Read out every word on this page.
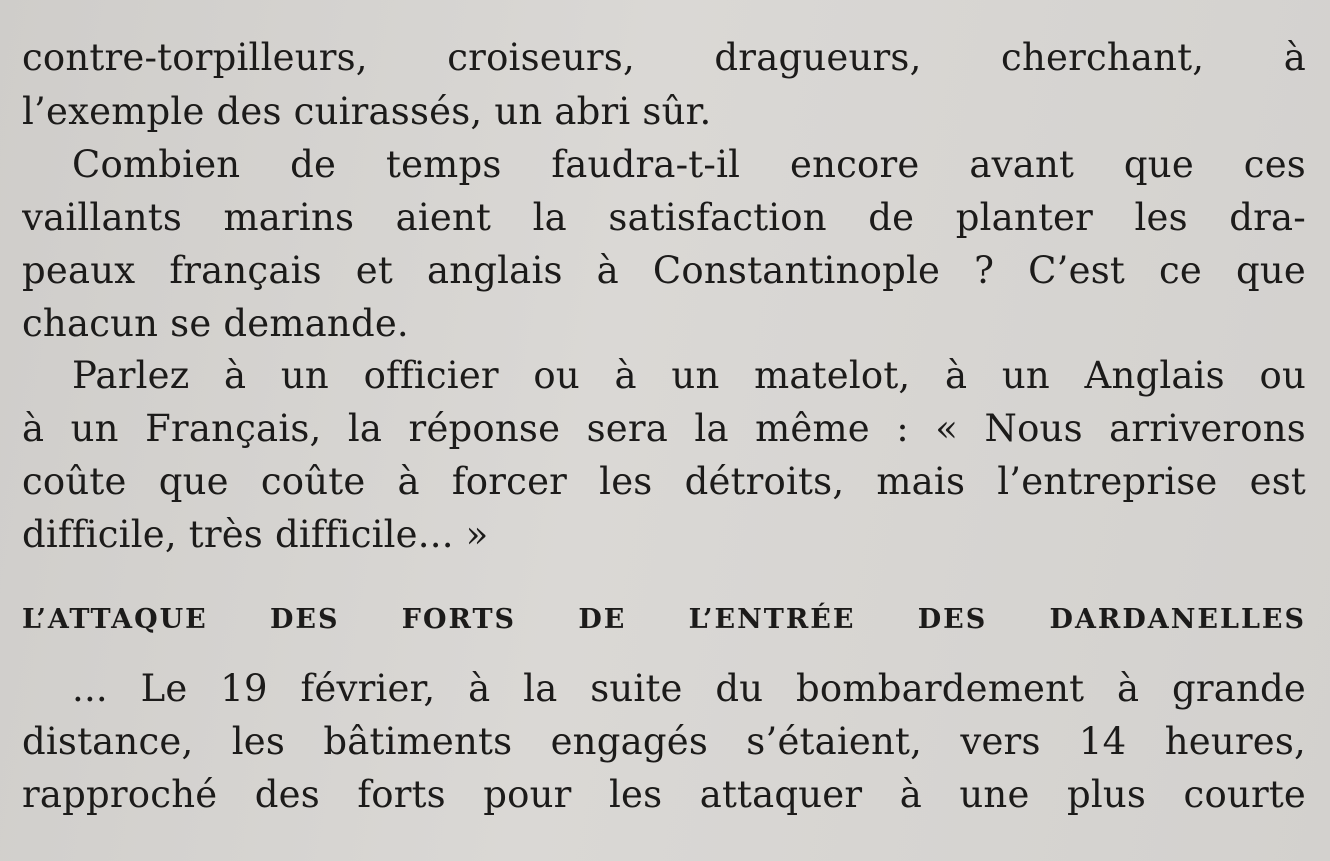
contre-torpilleurs, croiseurs, dragueurs, cherchant, à
l’exemple des cuirassés, un abri sûr.
Combien de temps faudra-t-il encore avant que ces
vaillants marins aient la satisfaction de planter les dra-
peaux français et anglais à Constantinople ? C’est ce que
chacun se demande.
Parlez à un officier ou à un matelot, à un Anglais ou
à un Français, la réponse sera la même : « Nous arriverons
coûte que coûte à forcer les détroits, mais l’entreprise est
difficile, très difficile... »
L’ATTAQUE DES FORTS DE L’ENTRÉE DES DARDANELLES
... Le 19 février, à la suite du bombardement à grande
distance, les bâtiments engagés s’étaient, vers 14 heures,
rapproché des forts pour les attaquer à une plus courte
